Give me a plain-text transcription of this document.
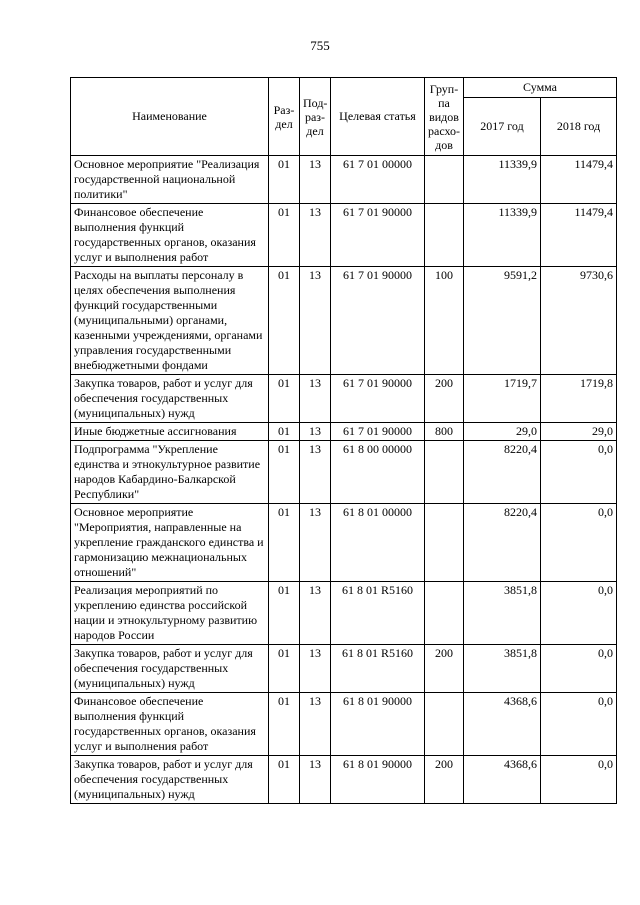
755
Наименование	Раз-дел	Под-раз-дел	Целевая статья	Груп-па видов расхо-дов	Сумма	
					2017 год	2018 год
Основное мероприятие "Реализация государственной национальной политики"	01	13	61 7 01 00000		11339,9	11479,4
Финансовое обеспечение выполнения функций государственных органов, оказания услуг и выполнения работ	01	13	61 7 01 90000		11339,9	11479,4
Расходы на выплаты персоналу в целях обеспечения выполнения функций государственными (муниципальными) органами, казенными учреждениями, органами управления государственными внебюджетными фондами	01	13	61 7 01 90000	100	9591,2	9730,6
Закупка товаров, работ и услуг для обеспечения государственных (муниципальных) нужд	01	13	61 7 01 90000	200	1719,7	1719,8
Иные бюджетные ассигнования	01	13	61 7 01 90000	800	29,0	29,0
Подпрограмма "Укрепление единства и этнокультурное развитие народов Кабардино-Балкарской Республики"	01	13	61 8 00 00000		8220,4	0,0
Основное мероприятие "Мероприятия, направленные на укрепление гражданского единства и гармонизацию межнациональных отношений"	01	13	61 8 01 00000		8220,4	0,0
Реализация мероприятий по укреплению единства российской нации и этнокультурному развитию народов России	01	13	61 8 01 R5160		3851,8	0,0
Закупка товаров, работ и услуг для обеспечения государственных (муниципальных) нужд	01	13	61 8 01 R5160	200	3851,8	0,0
Финансовое обеспечение выполнения функций государственных органов, оказания услуг и выполнения работ	01	13	61 8 01 90000		4368,6	0,0
Закупка товаров, работ и услуг для обеспечения государственных (муниципальных) нужд	01	13	61 8 01 90000	200	4368,6	0,0
